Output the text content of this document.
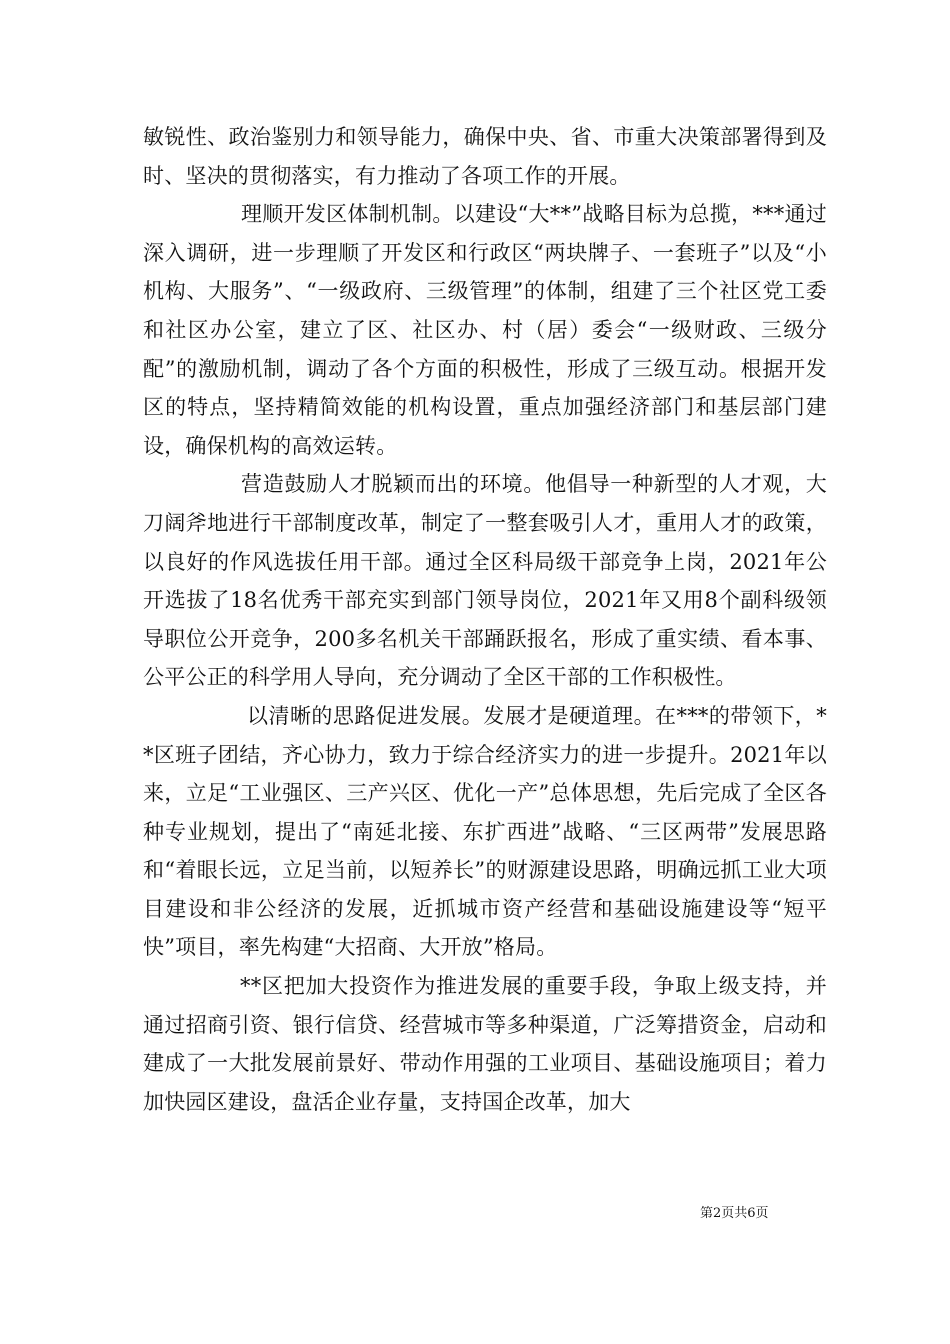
敏锐性、政治鉴别力和领导能力，确保中央、省、市重大决策部署得到及时、坚决的贯彻落实，有力推动了各项工作的开展。

理顺开发区体制机制。以建设“大**”战略目标为总揽，***通过深入调研，进一步理顺了开发区和行政区“两块牌子、一套班子”以及“小机构、大服务”、“一级政府、三级管理”的体制，组建了三个社区党工委和社区办公室，建立了区、社区办、村（居）委会“一级财政、三级分配”的激励机制，调动了各个方面的积极性，形成了三级互动。根据开发区的特点，坚持精简效能的机构设置，重点加强经济部门和基层部门建设，确保机构的高效运转。

营造鼓励人才脱颖而出的环境。他倡导一种新型的人才观，大刀阔斧地进行干部制度改革，制定了一整套吸引人才，重用人才的政策，以良好的作风选拔任用干部。通过全区科局级干部竞争上岗，2021年公开选拔了18名优秀干部充实到部门领导岗位，2021年又用8个副科级领导职位公开竞争，200多名机关干部踊跃报名，形成了重实绩、看本事、公平公正的科学用人导向，充分调动了全区干部的工作积极性。

以清晰的思路促进发展。发展才是硬道理。在***的带领下，**区班子团结，齐心协力，致力于综合经济实力的进一步提升。2021年以来，立足“工业强区、三产兴区、优化一产”总体思想，先后完成了全区各种专业规划，提出了“南延北接、东扩西进”战略、“三区两带”发展思路和“着眼长远，立足当前，以短养长”的财源建设思路，明确远抓工业大项目建设和非公经济的发展，近抓城市资产经营和基础设施建设等“短平快”项目，率先构建“大招商、大开放”格局。

**区把加大投资作为推进发展的重要手段，争取上级支持，并通过招商引资、银行信贷、经营城市等多种渠道，广泛筹措资金，启动和建成了一大批发展前景好、带动作用强的工业项目、基础设施项目；着力加快园区建设，盘活企业存量，支持国企改革，加大

第2页共6页
